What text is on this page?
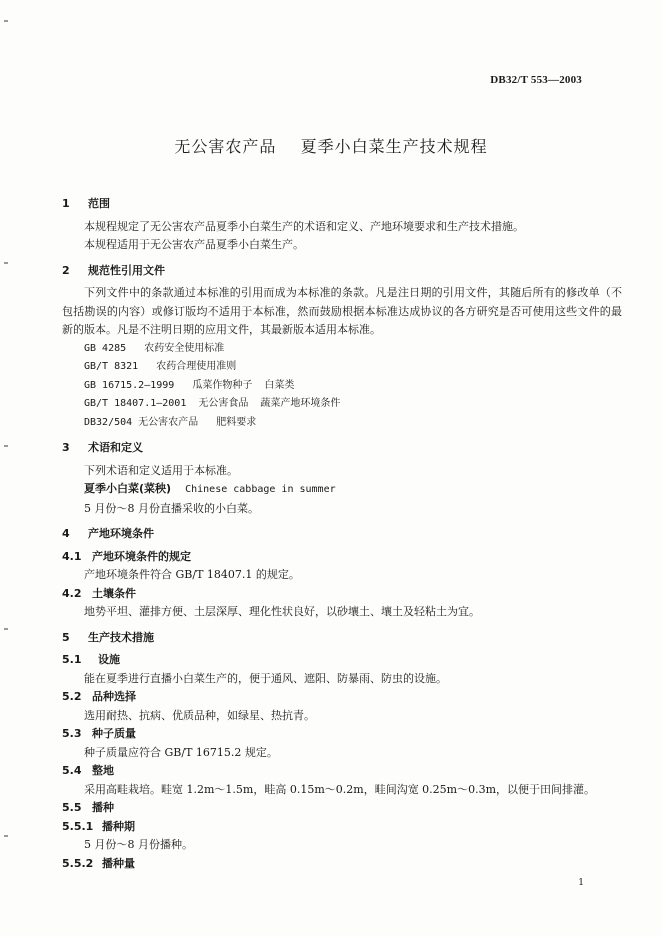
DB32/T 553—2003
无公害农产品    夏季小白菜生产技术规程
1	范围
本规程规定了无公害农产品夏季小白菜生产的术语和定义、产地环境要求和生产技术措施。
本规程适用于无公害农产品夏季小白菜生产。
2	规范性引用文件
下列文件中的条款通过本标准的引用而成为本标准的条款。凡是注日期的引用文件，其随后所有的修改单（不包括勘误的内容）或修订版均不适用于本标准，然而鼓励根据本标准达成协议的各方研究是否可使用这些文件的最新的版本。凡是不注明日期的应用文件，其最新版本适用本标准。
GB 4285   农药安全使用标准
GB/T 8321   农药合理使用准则
GB 16715.2—1999   瓜菜作物种子  白菜类
GB/T 18407.1—2001  无公害食品  蔬菜产地环境条件
DB32/504 无公害农产品   肥料要求
3	术语和定义
下列术语和定义适用于本标准。
夏季小白菜(菜秧) Chinese cabbage in summer
5 月份～8 月份直播采收的小白菜。
4	产地环境条件
4.1 产地环境条件的规定
产地环境条件符合 GB/T 18407.1 的规定。
4.2 土壤条件
地势平坦、灌排方便、土层深厚、理化性状良好，以砂壤土、壤土及轻粘土为宜。
5	生产技术措施
5.1	设施
能在夏季进行直播小白菜生产的，便于通风、遮阳、防暴雨、防虫的设施。
5.2 品种选择
选用耐热、抗病、优质品种，如绿星、热抗青。
5.3 种子质量
种子质量应符合 GB/T 16715.2 规定。
5.4 整地
采用高畦栽培。畦宽 1.2m～1.5m，畦高 0.15m～0.2m，畦间沟宽 0.25m～0.3m，以便于田间排灌。
5.5 播种
5.5.1 播种期
5 月份～8 月份播种。
5.5.2 播种量
1
